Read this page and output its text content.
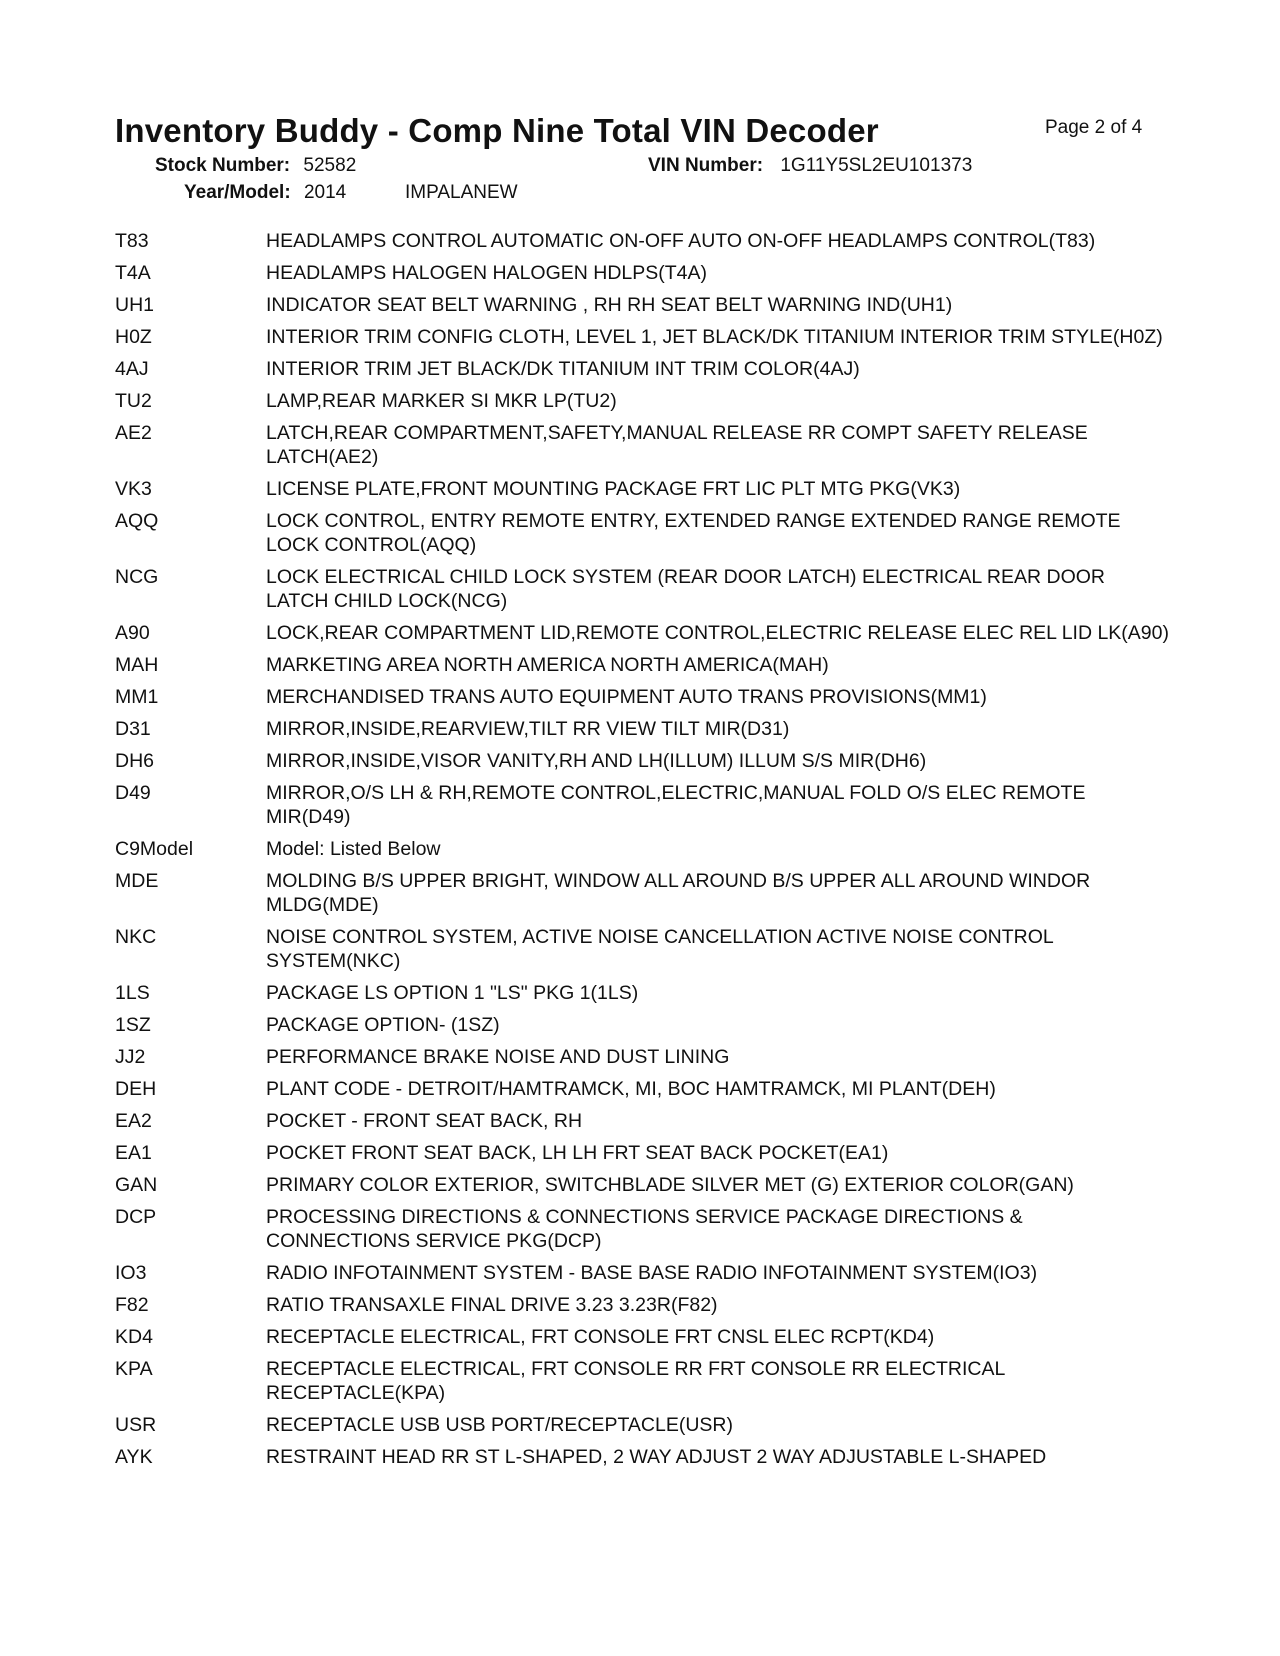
Inventory Buddy - Comp Nine Total VIN Decoder	Page 2 of 4
Stock Number: 52582	VIN Number: 1G11Y5SL2EU101373
Year/Model: 2014	IMPALANEW
T83	HEADLAMPS CONTROL AUTOMATIC ON-OFF AUTO ON-OFF HEADLAMPS CONTROL(T83)
T4A	HEADLAMPS HALOGEN HALOGEN HDLPS(T4A)
UH1	INDICATOR SEAT BELT WARNING , RH RH SEAT BELT WARNING IND(UH1)
H0Z	INTERIOR TRIM CONFIG CLOTH, LEVEL 1, JET BLACK/DK TITANIUM INTERIOR TRIM STYLE(H0Z)
4AJ	INTERIOR TRIM JET BLACK/DK TITANIUM INT TRIM COLOR(4AJ)
TU2	LAMP,REAR MARKER SI MKR LP(TU2)
AE2	LATCH,REAR COMPARTMENT,SAFETY,MANUAL RELEASE RR COMPT SAFETY RELEASE LATCH(AE2)
VK3	LICENSE PLATE,FRONT MOUNTING PACKAGE FRT LIC PLT MTG PKG(VK3)
AQQ	LOCK CONTROL, ENTRY REMOTE ENTRY, EXTENDED RANGE EXTENDED RANGE REMOTE LOCK CONTROL(AQQ)
NCG	LOCK ELECTRICAL CHILD LOCK SYSTEM (REAR DOOR LATCH) ELECTRICAL REAR DOOR LATCH CHILD LOCK(NCG)
A90	LOCK,REAR COMPARTMENT LID,REMOTE CONTROL,ELECTRIC RELEASE ELEC REL LID LK(A90)
MAH	MARKETING AREA NORTH AMERICA NORTH AMERICA(MAH)
MM1	MERCHANDISED TRANS AUTO EQUIPMENT AUTO TRANS PROVISIONS(MM1)
D31	MIRROR,INSIDE,REARVIEW,TILT RR VIEW TILT MIR(D31)
DH6	MIRROR,INSIDE,VISOR VANITY,RH AND LH(ILLUM) ILLUM S/S MIR(DH6)
D49	MIRROR,O/S LH & RH,REMOTE CONTROL,ELECTRIC,MANUAL FOLD O/S ELEC REMOTE MIR(D49)
C9Model	Model: Listed Below
MDE	MOLDING B/S UPPER BRIGHT, WINDOW ALL AROUND B/S UPPER ALL AROUND WINDOR MLDG(MDE)
NKC	NOISE CONTROL SYSTEM, ACTIVE NOISE CANCELLATION ACTIVE NOISE CONTROL SYSTEM(NKC)
1LS	PACKAGE LS OPTION 1 "LS" PKG 1(1LS)
1SZ	PACKAGE OPTION- (1SZ)
JJ2	PERFORMANCE BRAKE NOISE AND DUST LINING
DEH	PLANT CODE - DETROIT/HAMTRAMCK, MI, BOC HAMTRAMCK, MI PLANT(DEH)
EA2	POCKET - FRONT SEAT BACK, RH
EA1	POCKET FRONT SEAT BACK, LH LH FRT SEAT BACK POCKET(EA1)
GAN	PRIMARY COLOR EXTERIOR, SWITCHBLADE SILVER MET (G) EXTERIOR COLOR(GAN)
DCP	PROCESSING DIRECTIONS & CONNECTIONS SERVICE PACKAGE DIRECTIONS & CONNECTIONS SERVICE PKG(DCP)
IO3	RADIO INFOTAINMENT SYSTEM - BASE BASE RADIO INFOTAINMENT SYSTEM(IO3)
F82	RATIO TRANSAXLE FINAL DRIVE 3.23 3.23R(F82)
KD4	RECEPTACLE ELECTRICAL, FRT CONSOLE FRT CNSL ELEC RCPT(KD4)
KPA	RECEPTACLE ELECTRICAL, FRT CONSOLE RR FRT CONSOLE RR ELECTRICAL RECEPTACLE(KPA)
USR	RECEPTACLE USB USB PORT/RECEPTACLE(USR)
AYK	RESTRAINT HEAD RR ST L-SHAPED, 2 WAY ADJUST 2 WAY ADJUSTABLE L-SHAPED
